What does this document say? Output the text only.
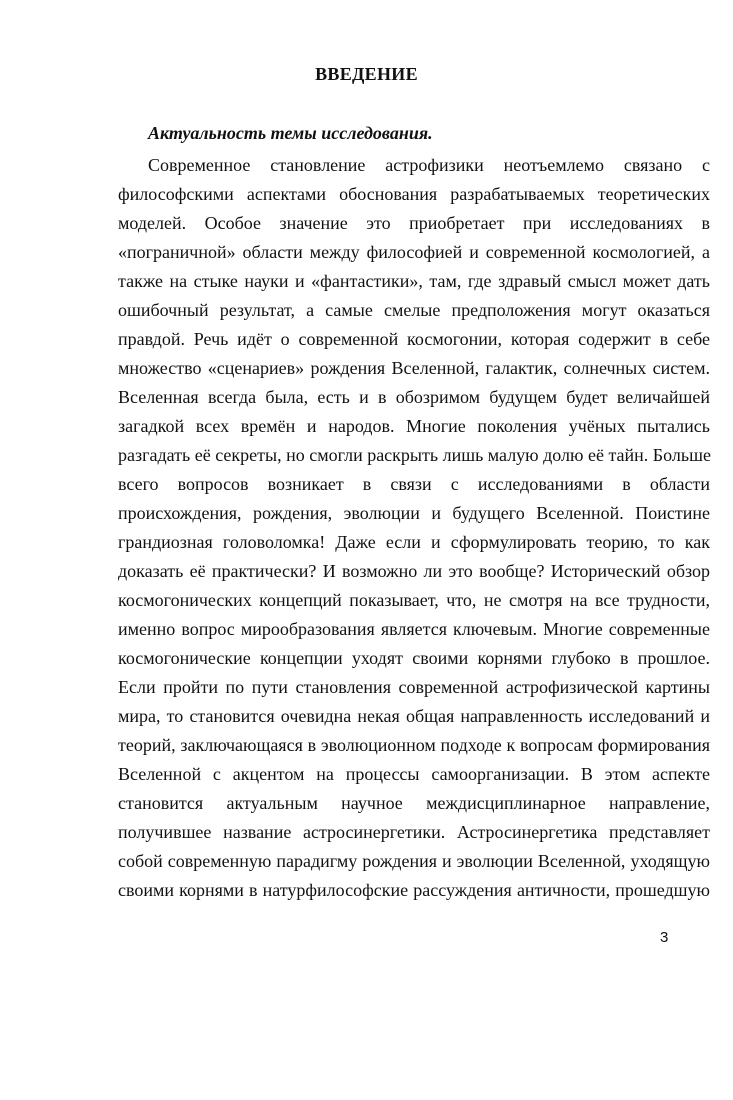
ВВЕДЕНИЕ
Актуальность темы исследования.
Современное становление астрофизики неотъемлемо связано с
философскими аспектами обоснования разрабатываемых теоретических
моделей. Особое значение это приобретает при исследованиях в
«пограничной» области между философией и современной космологией, а
также на стыке науки и «фантастики», там, где здравый смысл может дать
ошибочный результат, а самые смелые предположения могут оказаться
правдой. Речь идёт о современной космогонии, которая содержит в себе
множество «сценариев» рождения Вселенной, галактик, солнечных систем.
Вселенная всегда была, есть и в обозримом будущем будет величайшей
загадкой всех времён и народов. Многие поколения учёных пытались
разгадать её секреты, но смогли раскрыть лишь малую долю её тайн. Больше
всего вопросов возникает в связи с исследованиями в области
происхождения, рождения, эволюции и будущего Вселенной. Поистине
грандиозная головоломка! Даже если и сформулировать теорию, то как
доказать её практически? И возможно ли это вообще? Исторический обзор
космогонических концепций показывает, что, не смотря на все трудности,
именно вопрос мирообразования является ключевым. Многие современные
космогонические концепции уходят своими корнями глубоко в прошлое.
Если пройти по пути становления современной астрофизической картины
мира, то становится очевидна некая общая направленность исследований и
теорий, заключающаяся в эволюционном подходе к вопросам формирования
Вселенной с акцентом на процессы самоорганизации. В этом аспекте
становится актуальным научное междисциплинарное направление,
получившее название астросинергетики. Астросинергетика представляет
собой современную парадигму рождения и эволюции Вселенной, уходящую
своими корнями в натурфилософские рассуждения античности, прошедшую
3
